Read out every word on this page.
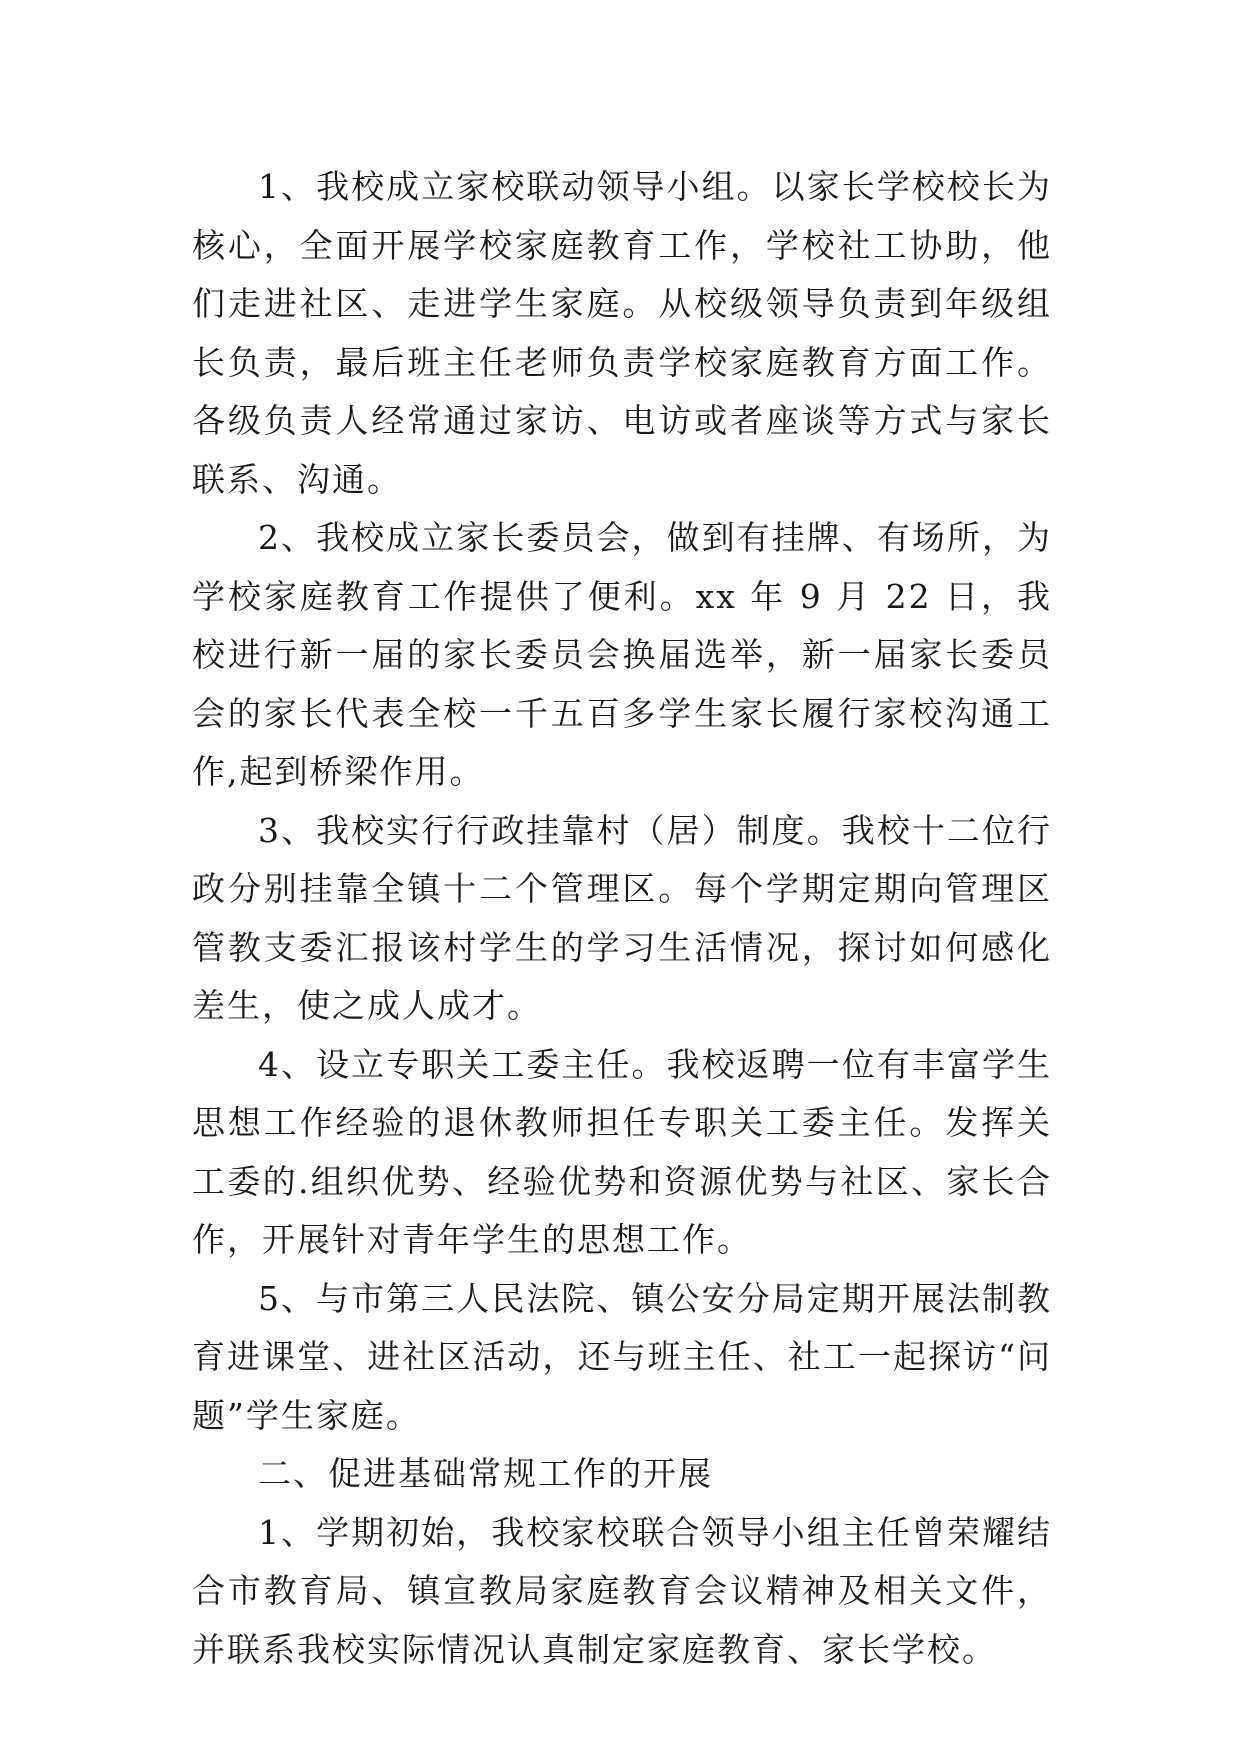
1、我校成立家校联动领导小组。以家长学校校长为核心，全面开展学校家庭教育工作，学校社工协助，他们走进社区、走进学生家庭。从校级领导负责到年级组长负责，最后班主任老师负责学校家庭教育方面工作。各级负责人经常通过家访、电访或者座谈等方式与家长联系、沟通。

2、我校成立家长委员会，做到有挂牌、有场所，为学校家庭教育工作提供了便利。xx 年 9 月 22 日，我校进行新一届的家长委员会换届选举，新一届家长委员会的家长代表全校一千五百多学生家长履行家校沟通工作,起到桥梁作用。

3、我校实行行政挂靠村（居）制度。我校十二位行政分别挂靠全镇十二个管理区。每个学期定期向管理区管教支委汇报该村学生的学习生活情况，探讨如何感化差生，使之成人成才。

4、设立专职关工委主任。我校返聘一位有丰富学生思想工作经验的退休教师担任专职关工委主任。发挥关工委的.组织优势、经验优势和资源优势与社区、家长合作，开展针对青年学生的思想工作。

5、与市第三人民法院、镇公安分局定期开展法制教育进课堂、进社区活动，还与班主任、社工一起探访“问题”学生家庭。

二、促进基础常规工作的开展

1、学期初始，我校家校联合领导小组主任曾荣耀结合市教育局、镇宣教局家庭教育会议精神及相关文件，并联系我校实际情况认真制定家庭教育、家长学校。
